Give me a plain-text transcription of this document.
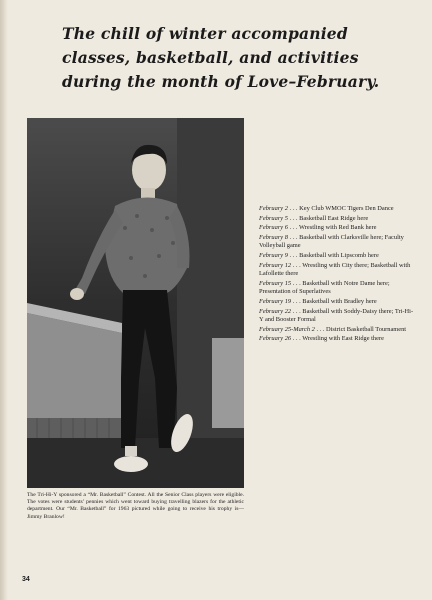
The chill of winter accompanied classes, basketball, and activities during the month of Love–February.
The Tri-Hi-Y sponsored a “Mr. Basketball” Contest. All the Senior Class players were eligible. The votes were students’ pennies which went toward buying travelling blazers for the athletic department. Our “Mr. Basketball” for 1963 pictured while going to receive his trophy is—Jimmy Branlow!
February 2 . . . Key Club WMOC Tigers Den Dance
February 5 . . . Basketball East Ridge here
February 6 . . . Wrestling with Red Bank here
February 8 . . . Basketball with Clarksville here; Faculty Volleyball game
February 9 . . . Basketball with Lipscomb here
February 12 . . . Wrestling with City there; Basketball with Lafollette there
February 15 . . . Basketball with Notre Dame here; Presentation of Superlatives
February 19 . . . Basketball with Bradley here
February 22 . . . Basketball with Soddy-Daisy there; Tri-Hi-Y and Booster Formal
February 25-March 2 . . . District Basketball Tournament
February 26 . . . Wrestling with East Ridge there
34
